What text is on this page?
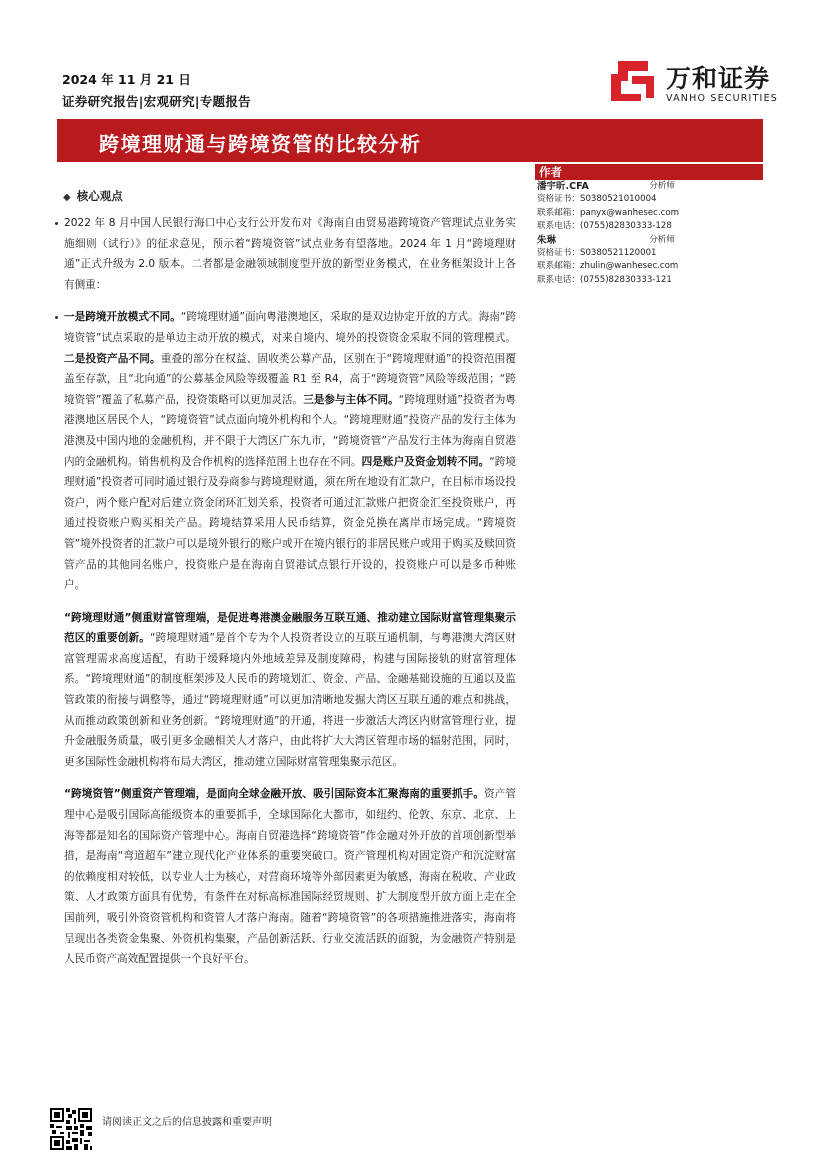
2024 年 11 月 21 日
证券研究报告|宏观研究|专题报告
万和证券
VANHO SECURITIES
跨境理财通与跨境资管的比较分析
作者
潘宇昕.CFA	分析师
资格证书：S0380521010004
联系邮箱：panyx@wanhesec.com
联系电话：(0755)82830333-128
朱琳	分析师
资格证书：S0380521120001
联系邮箱：zhulin@wanhesec.com
联系电话：(0755)82830333-121
◆ 核心观点

2022 年 8 月中国人民银行海口中心支行公开发布对《海南自由贸易港跨境资产管理试点业务实施细则（试行）》的征求意见，预示着“跨境资管”试点业务有望落地。2024 年 1 月“跨境理财通”正式升级为 2.0 版本。二者都是金融领域制度型开放的新型业务模式，在业务框架设计上各有侧重：

一是跨境开放模式不同。“跨境理财通”面向粤港澳地区，采取的是双边协定开放的方式。海南“跨境资管”试点采取的是单边主动开放的模式，对来自境内、境外的投资资金采取不同的管理模式。二是投资产品不同。重叠的部分在权益、固收类公募产品，区别在于“跨境理财通”的投资范围覆盖至存款，且“北向通”的公募基金风险等级覆盖 R1 至 R4，高于“跨境资管”风险等级范围；“跨境资管”覆盖了私募产品，投资策略可以更加灵活。三是参与主体不同。“跨境理财通”投资者为粤港澳地区居民个人，“跨境资管”试点面向境外机构和个人。“跨境理财通”投资产品的发行主体为港澳及中国内地的金融机构，并不限于大湾区广东九市，“跨境资管”产品发行主体为海南自贸港内的金融机构。销售机构及合作机构的选择范围上也存在不同。四是账户及资金划转不同。“跨境理财通”投资者可同时通过银行及券商参与跨境理财通，须在所在地设有汇款户，在目标市场设投资户，两个账户配对后建立资金闭环汇划关系，投资者可通过汇款账户把资金汇至投资账户，再通过投资账户购买相关产品。跨境结算采用人民币结算，资金兑换在离岸市场完成。“跨境资管”境外投资者的汇款户可以是境外银行的账户或开在境内银行的非居民账户或用于购买及赎回资管产品的其他同名账户，投资账户是在海南自贸港试点银行开设的，投资账户可以是多币种账户。

“跨境理财通”侧重财富管理端，是促进粤港澳金融服务互联互通、推动建立国际财富管理集聚示范区的重要创新。“跨境理财通”是首个专为个人投资者设立的互联互通机制，与粤港澳大湾区财富管理需求高度适配，有助于缓释境内外地域差异及制度障碍，构建与国际接轨的财富管理体系。“跨境理财通”的制度框架涉及人民币的跨境划汇、资金、产品、金融基础设施的互通以及监管政策的衔接与调整等，通过“跨境理财通”可以更加清晰地发掘大湾区互联互通的难点和挑战，从而推动政策创新和业务创新。“跨境理财通”的开通，将进一步激活大湾区内财富管理行业，提升金融服务质量，吸引更多金融相关人才落户，由此将扩大大湾区管理市场的辐射范围，同时，更多国际性金融机构将布局大湾区，推动建立国际财富管理集聚示范区。

“跨境资管”侧重资产管理端，是面向全球金融开放、吸引国际资本汇聚海南的重要抓手。资产管理中心是吸引国际高能级资本的重要抓手，全球国际化大都市，如纽约、伦敦、东京、北京、上海等都是知名的国际资产管理中心。海南自贸港选择“跨境资管”作金融对外开放的首项创新型举措，是海南“弯道超车”建立现代化产业体系的重要突破口。资产管理机构对固定资产和沉淀财富的依赖度相对较低，以专业人士为核心，对营商环境等外部因素更为敏感，海南在税收、产业政策、人才政策方面具有优势，有条件在对标高标准国际经贸规则、扩大制度型开放方面上走在全国前列，吸引外资资管机构和资管人才落户海南。随着“跨境资管”的各项措施推进落实，海南将呈现出各类资金集聚、外资机构集聚，产品创新活跃、行业交流活跃的面貌，为金融资产特别是人民币资产高效配置提供一个良好平台。

请阅读正文之后的信息披露和重要声明
